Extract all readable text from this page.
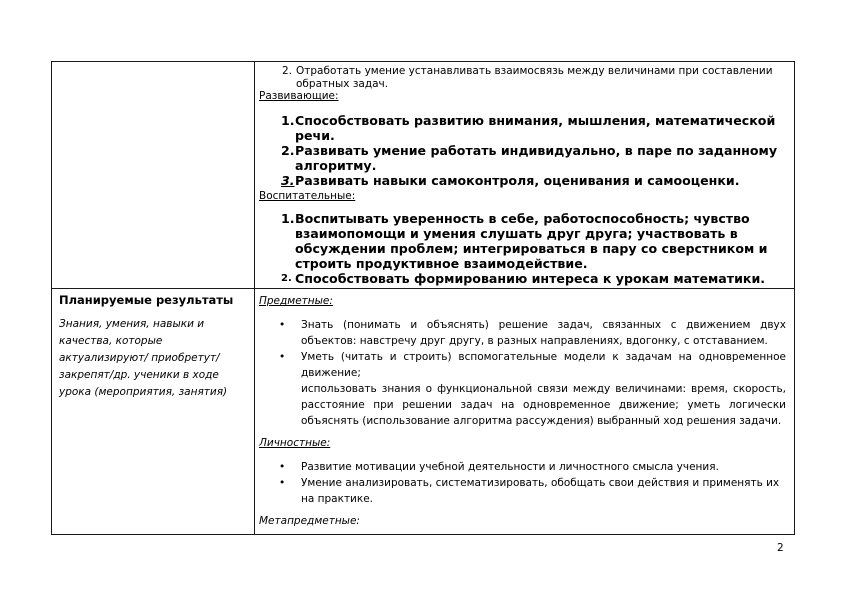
2. Отработать умение устанавливать взаимосвязь между величинами при составлении обратных задач.
Развивающие:
1. Способствовать развитию внимания, мышления, математической речи.
2. Развивать умение работать индивидуально, в паре по заданному алгоритму.
3. Развивать навыки самоконтроля, оценивания и самооценки.
Воспитательные:
1. Воспитывать уверенность в себе, работоспособность; чувство взаимопомощи и умения слушать друг друга; участвовать в обсуждении проблем; интегрироваться в пару со сверстником и строить продуктивное взаимодействие.
2. Способствовать формированию интереса к урокам математики.
Планируемые результаты
Знания, умения, навыки и качества, которые актуализируют/ приобретут/закрепят/др. ученики в ходе урока (мероприятия, занятия)
Предметные:
•	Знать (понимать и объяснять) решение задач, связанных с движением двух объектов: навстречу друг другу, в разных направлениях, вдогонку, с отставанием.
•	Уметь (читать и строить) вспомогательные модели к задачам на одновременное движение;
использовать знания о функциональной связи между величинами: время, скорость, расстояние при решении задач на одновременное движение; уметь логически объяснять (использование алгоритма рассуждения) выбранный ход решения задачи.
Личностные:
•	Развитие мотивации учебной деятельности и личностного смысла учения.
•	Умение анализировать, систематизировать, обобщать свои действия и применять их на практике.
Метапредметные:
2
